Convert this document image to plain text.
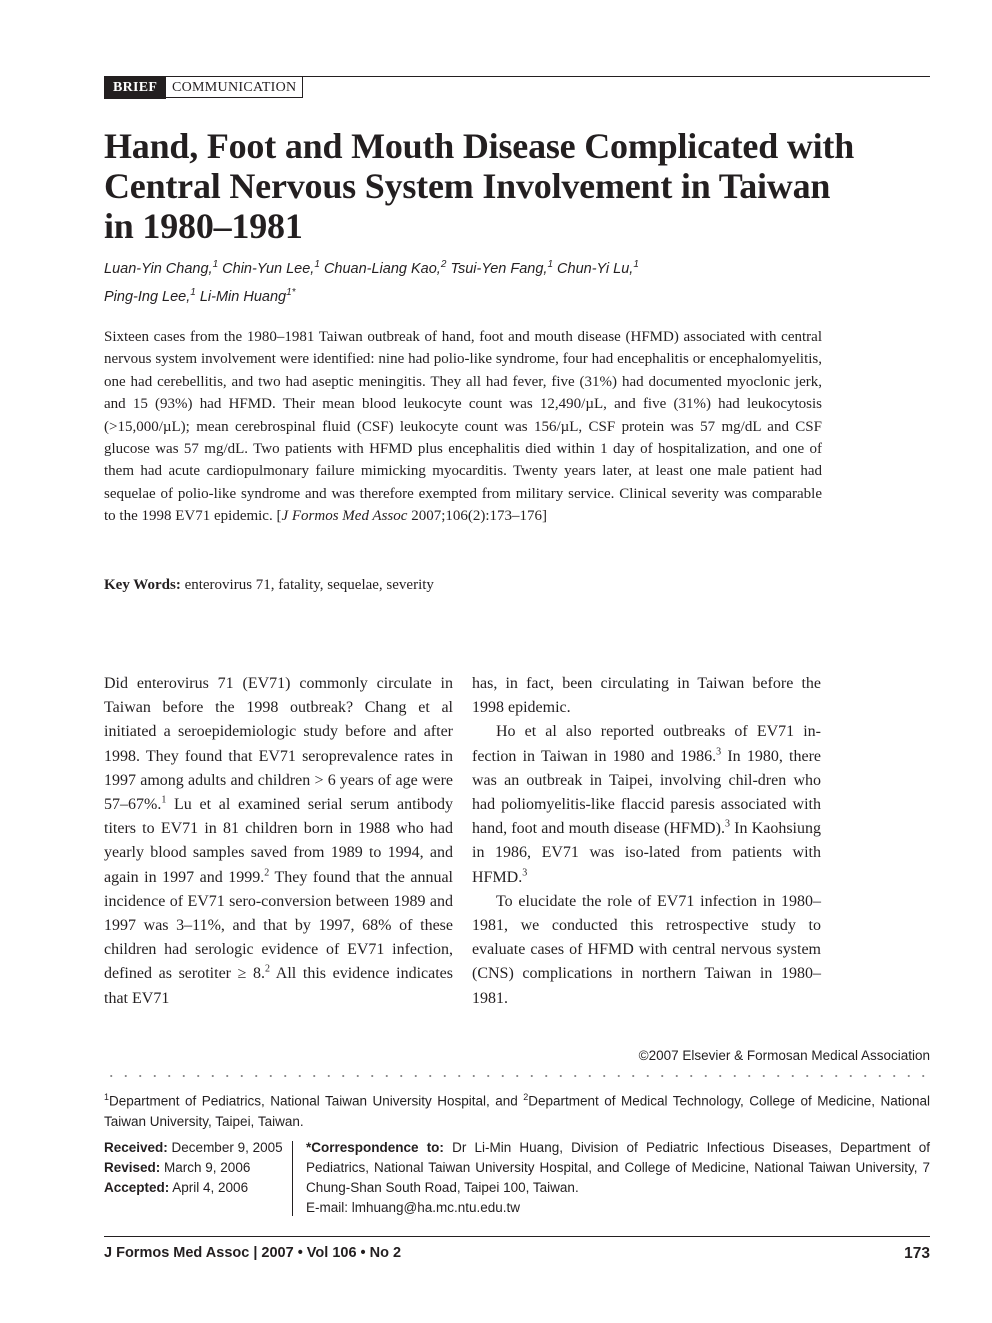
BRIEF	COMMUNICATION
Hand, Foot and Mouth Disease Complicated with Central Nervous System Involvement in Taiwan in 1980–1981
Luan-Yin Chang,$^1$ Chin-Yun Lee,$^1$ Chuan-Liang Kao,$^2$ Tsui-Yen Fang,$^1$ Chun-Yi Lu,$^1$
Ping-Ing Lee,$^1$ Li-Min Huang$^{1*}$
Sixteen cases from the 1980–1981 Taiwan outbreak of hand, foot and mouth disease (HFMD) associated with central nervous system involvement were identified: nine had polio-like syndrome, four had encephalitis or encephalomyelitis, one had cerebellitis, and two had aseptic meningitis. They all had fever, five (31%) had documented myoclonic jerk, and 15 (93%) had HFMD. Their mean blood leukocyte count was 12,490/µL, and five (31%) had leukocytosis (>15,000/µL); mean cerebrospinal fluid (CSF) leukocyte count was 156/µL, CSF protein was 57 mg/dL and CSF glucose was 57 mg/dL. Two patients with HFMD plus encephalitis died within 1 day of hospitalization, and one of them had acute cardiopulmonary failure mimicking myocarditis. Twenty years later, at least one male patient had sequelae of polio-like syndrome and was therefore exempted from military service. Clinical severity was comparable to the 1998 EV71 epidemic. [J Formos Med Assoc 2007;106(2):173–176]
Key Words: enterovirus 71, fatality, sequelae, severity

Did enterovirus 71 (EV71) commonly circulate in Taiwan before the 1998 outbreak? Chang et al initiated a seroepidemiologic study before and after 1998. They found that EV71 seroprevalence rates in 1997 among adults and children > 6 years of age were 57–67%.$^1$ Lu et al examined serial serum antibody titers to EV71 in 81 children born in 1988 who had yearly blood samples saved from 1989 to 1994, and again in 1997 and 1999.$^2$ They found that the annual incidence of EV71 sero-conversion between 1989 and 1997 was 3–11%, and that by 1997, 68% of these children had serologic evidence of EV71 infection, defined as serotiter ≥ 8.$^2$ All this evidence indicates that EV71

has, in fact, been circulating in Taiwan before the 1998 epidemic.

Ho et al also reported outbreaks of EV71 in-fection in Taiwan in 1980 and 1986.$^3$ In 1980, there was an outbreak in Taipei, involving chil-dren who had poliomyelitis-like flaccid paresis associated with hand, foot and mouth disease (HFMD).$^3$ In Kaohsiung in 1986, EV71 was iso-lated from patients with HFMD.$^3$

To elucidate the role of EV71 infection in 1980–1981, we conducted this retrospective study to evaluate cases of HFMD with central nervous system (CNS) complications in northern Taiwan in 1980–1981.

©2007 Elsevier & Formosan Medical Association
$^1$Department of Pediatrics, National Taiwan University Hospital, and $^2$Department of Medical Technology, College of Medicine, National Taiwan University, Taipei, Taiwan.
Received: December 9, 2005
Revised: March 9, 2006
Accepted: April 4, 2006
*Correspondence to: Dr Li-Min Huang, Division of Pediatric Infectious Diseases, Department of Pediatrics, National Taiwan University Hospital, and College of Medicine, National Taiwan University, 7 Chung-Shan South Road, Taipei 100, Taiwan.
E-mail: lmhuang@ha.mc.ntu.edu.tw
J Formos Med Assoc | 2007 • Vol 106 • No 2	173
